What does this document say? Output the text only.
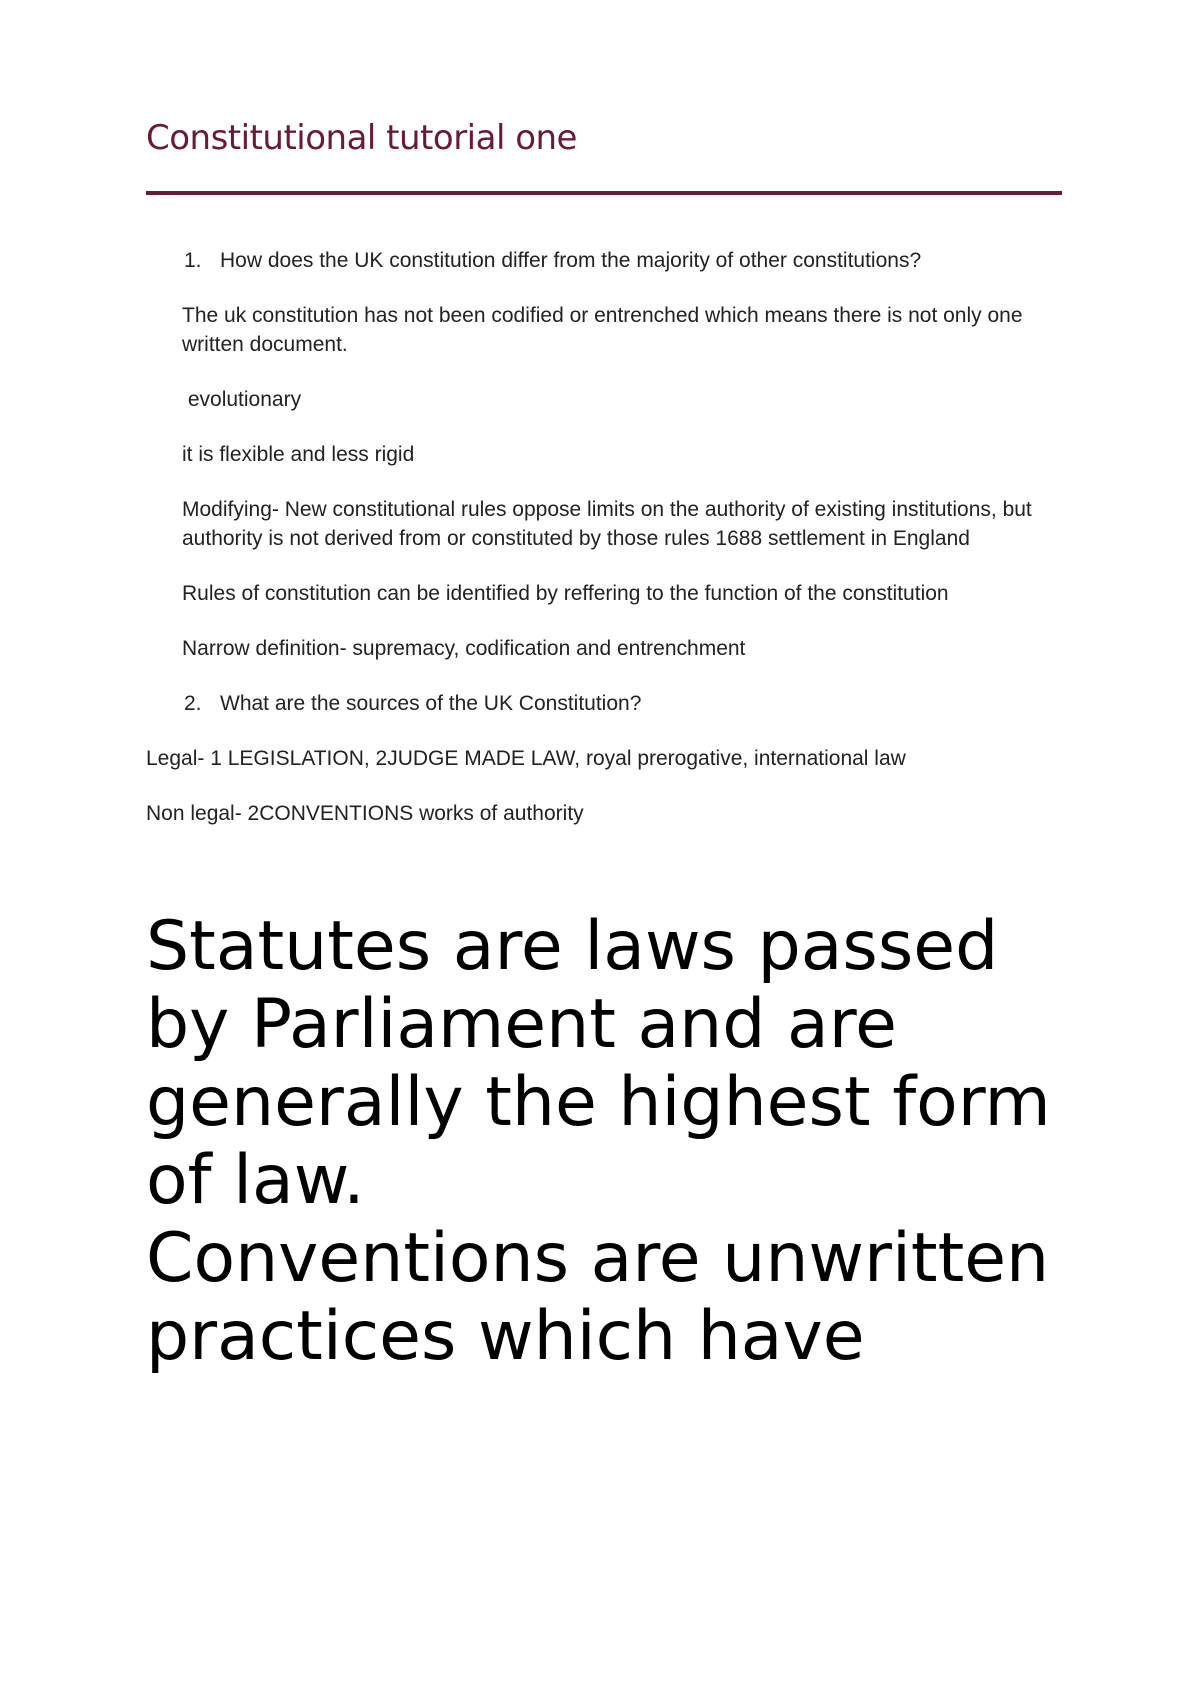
Constitutional tutorial one
1. How does the UK constitution differ from the majority of other constitutions?

The uk constitution has not been codified or entrenched which means there is not only one written document.

evolutionary

it is flexible and less rigid

Modifying- New constitutional rules oppose limits on the authority of existing institutions, but authority is not derived from or constituted by those rules 1688 settlement in England

Rules of constitution can be identified by reffering to the function of the constitution

Narrow definition- supremacy, codification and entrenchment

2. What are the sources of the UK Constitution?

Legal- 1 LEGISLATION, 2JUDGE MADE LAW, royal prerogative, international law

Non legal- 2CONVENTIONS works of authority

Statutes are laws passed by Parliament and are generally the highest form of law.
Conventions are unwritten practices which have
